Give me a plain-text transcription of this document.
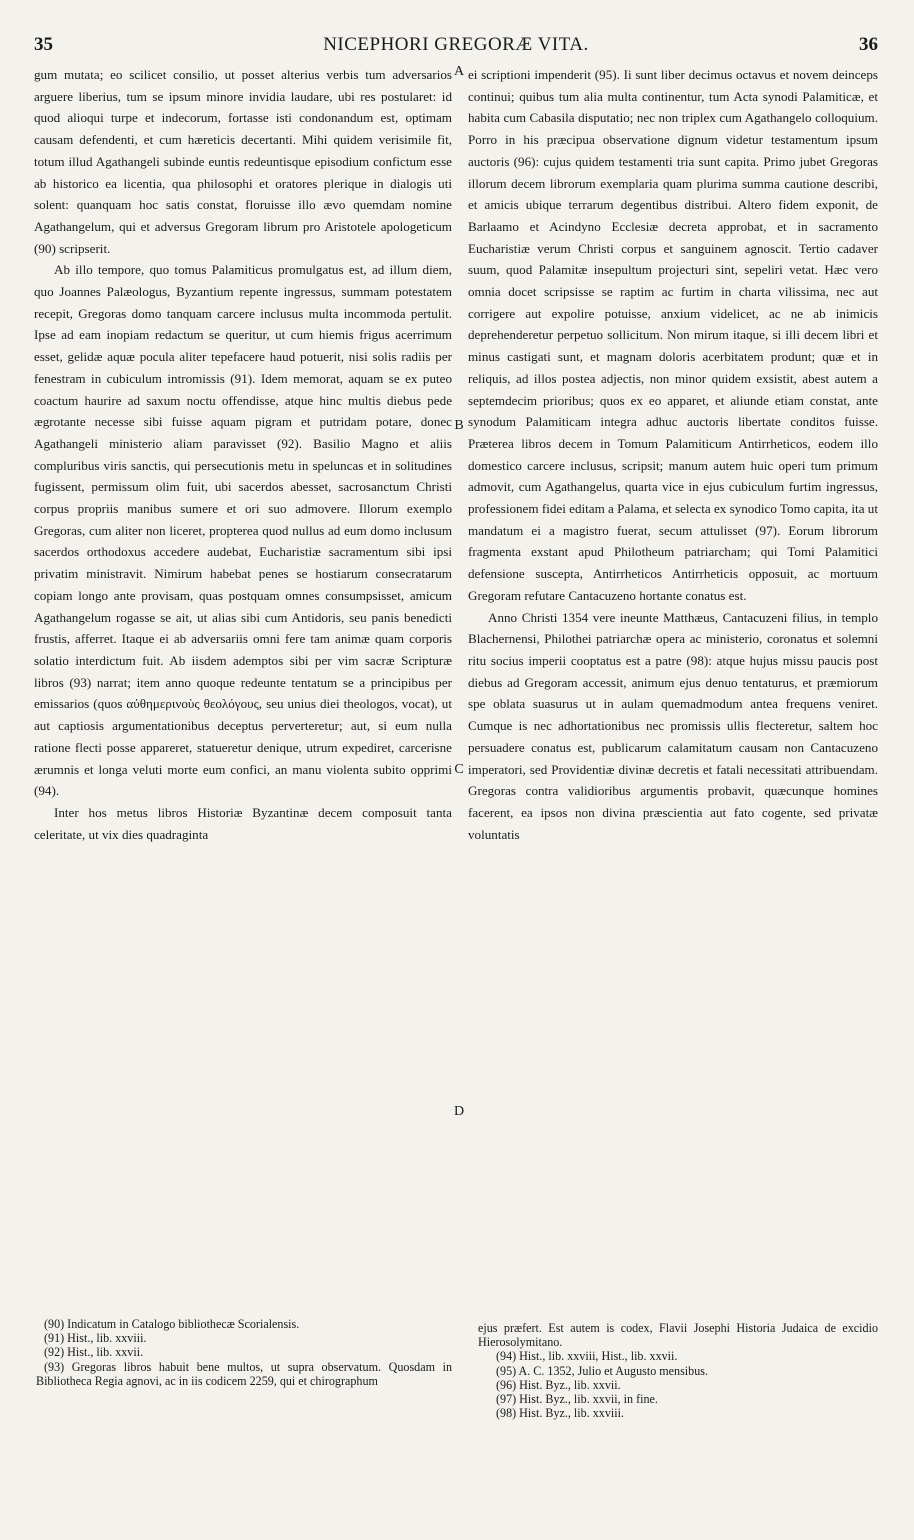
35	NICEPHORI GREGORÆ VITA.	36

gum mutata; eo scilicet consilio, ut posset alterius verbis tum adversarios arguere liberius, tum se ipsum minore invidia laudare, ubi res postularet: id quod alioqui turpe et indecorum, fortasse isti condonandum est, optimam causam defendenti, et cum hæreticis decertanti. Mihi quidem verisimile fit, totum illud Agathangeli subinde euntis redeuntisque episodium confictum esse ab historico ea licentia, qua philosophi et oratores plerique in dialogis uti solent: quanquam hoc satis constat, floruisse illo ævo quemdam nomine Agathangelum, qui et adversus Gregoram librum pro Aristotele apologeticum (90) scripserit.

Ab illo tempore, quo tomus Palamiticus promulgatus est, ad illum diem, quo Joannes Palæologus, Byzantium repente ingressus, summam potestatem recepit, Gregoras domo tanquam carcere inclusus multa incommoda pertulit. Ipse ad eam inopiam redactum se queritur, ut cum hiemis frigus acerrimum esset, gelidæ aquæ pocula aliter tepefacere haud potuerit, nisi solis radiis per fenestram in cubiculum intromissis (91). Idem memorat, aquam se ex puteo coactum haurire ad saxum noctu offendisse, atque hinc multis diebus pede ægrotante necesse sibi fuisse aquam pigram et putridam potare, donec Agathangeli ministerio aliam paravisset (92). Basilio Magno et aliis compluribus viris sanctis, qui persecutionis metu in speluncas et in solitudines fugissent, permissum olim fuit, ubi sacerdos abesset, sacrosanctum Christi corpus propriis manibus sumere et ori suo admovere. Illorum exemplo Gregoras, cum aliter non liceret, propterea quod nullus ad eum domo inclusum sacerdos orthodoxus accedere audebat, Eucharistiæ sacramentum sibi ipsi privatim ministravit. Nimirum habebat penes se hostiarum consecratarum copiam longo ante provisam, quas postquam omnes consumpsisset, amicum Agathangelum rogasse se ait, ut alias sibi cum Antidoris, seu panis benedicti frustis, afferret. Itaque ei ab adversariis omni fere tam animæ quam corporis solatio interdictum fuit. Ab iisdem ademptos sibi per vim sacræ Scripturæ libros (93) narrat; item anno quoque redeunte tentatum se a principibus per emissarios (quos αὐθημερινοὺς θεολόγους, seu unius diei theologos, vocat), ut aut captiosis argumentationibus deceptus perverteretur; aut, si eum nulla ratione flecti posse appareret, statueretur denique, utrum expediret, carcerisne ærumnis et longa veluti morte eum confici, an manu violenta subito opprimi (94).

Inter hos metus libros Historiæ Byzantinæ decem composuit tanta celeritate, ut vix dies quadraginta

ei scriptioni impenderit (95). Ii sunt liber decimus octavus et novem deinceps continui; quibus tum alia multa continentur, tum Acta synodi Palamiticæ, et habita cum Cabasila disputatio; nec non triplex cum Agathangelo colloquium. Porro in his præcipua observatione dignum videtur testamentum ipsum auctoris (96): cujus quidem testamenti tria sunt capita. Primo jubet Gregoras illorum decem librorum exemplaria quam plurima summa cautione describi, et amicis ubique terrarum degentibus distribui. Altero fidem exponit, de Barlaamo et Acindyno Ecclesiæ decreta approbat, et in sacramento Eucharistiæ verum Christi corpus et sanguinem agnoscit. Tertio cadaver suum, quod Palamitæ insepultum projecturi sint, sepeliri vetat. Hæc vero omnia docet scripsisse se raptim ac furtim in charta vilissima, nec aut corrigere aut expolire potuisse, anxium videlicet, ac ne ab inimicis deprehenderetur perpetuo sollicitum. Non mirum itaque, si illi decem libri et minus castigati sunt, et magnam doloris acerbitatem produnt; quæ et in reliquis, ad illos postea adjectis, non minor quidem exsistit, abest autem a septemdecim prioribus; quos ex eo apparet, et aliunde etiam constat, ante synodum Palamiticam integra adhuc auctoris libertate conditos fuisse. Præterea libros decem in Tomum Palamiticum Antirrheticos, eodem illo domestico carcere inclusus, scripsit; manum autem huic operi tum primum admovit, cum Agathangelus, quarta vice in ejus cubiculum furtim ingressus, professionem fidei editam a Palama, et selecta ex synodico Tomo capita, ita ut mandatum ei a magistro fuerat, secum attulisset (97). Eorum librorum fragmenta exstant apud Philotheum patriarcham; qui Tomi Palamitici defensione suscepta, Antirrheticos Antirrheticis opposuit, ac mortuum Gregoram refutare Cantacuzeno hortante conatus est.

Anno Christi 1354 vere ineunte Matthæus, Cantacuzeni filius, in templo Blachernensi, Philothei patriarchæ opera ac ministerio, coronatus et solemni ritu socius imperii cooptatus est a patre (98): atque hujus missu paucis post diebus ad Gregoram accessit, animum ejus denuo tentaturus, et præmiorum spe oblata suasurus ut in aulam quemadmodum antea frequens veniret. Cumque is nec adhortationibus nec promissis ullis flecteretur, saltem hoc persuadere conatus est, publicarum calamitatum causam non Cantacuzeno imperatori, sed Providentiæ divinæ decretis et fatali necessitati attribuendam. Gregoras contra validioribus argumentis probavit, quæcunque homines facerent, ea ipsos non divina præscientia aut fato cogente, sed privatæ voluntatis

A
B
C
D
(90) Indicatum in Catalogo bibliothecæ Scorialensis.
(91) Hist., lib. xxviii.
(92) Hist., lib. xxvii.
(93) Gregoras libros habuit bene multos, ut supra observatum. Quosdam in Bibliotheca Regia agnovi, ac in iis codicem 2259, qui et chirographum
ejus præfert. Est autem is codex, Flavii Josephi Historia Judaica de excidio Hierosolymitano.
(94) Hist., lib. xxviii, Hist., lib. xxvii.
(95) A. C. 1352, Julio et Augusto mensibus.
(96) Hist. Byz., lib. xxvii.
(97) Hist. Byz., lib. xxvii, in fine.
(98) Hist. Byz., lib. xxviii.
